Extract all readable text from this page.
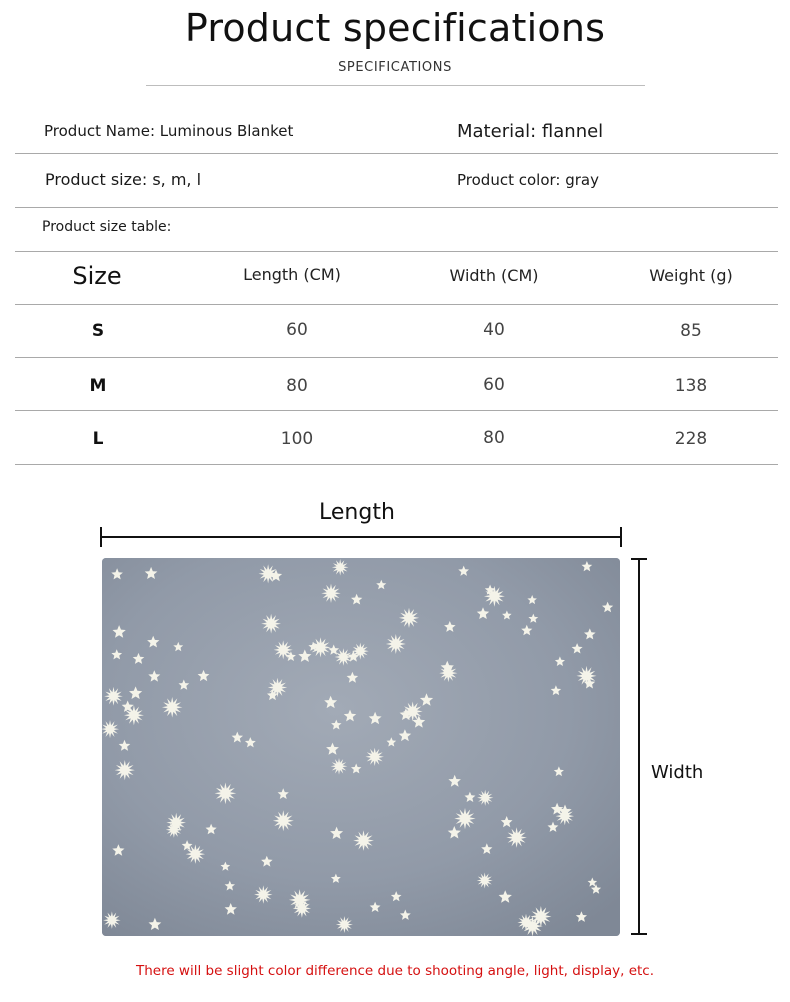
Product specifications
SPECIFICATIONS
Product Name: Luminous Blanket	Material: flannel
Product size: s, m, l	Product color: gray
Product size table:
Size	Length (CM)	Width (CM)	Weight (g)
S	60	40	85
M	80	60	138
L	100	80	228
Length
Width
There will be slight color difference due to shooting angle, light, display, etc.
